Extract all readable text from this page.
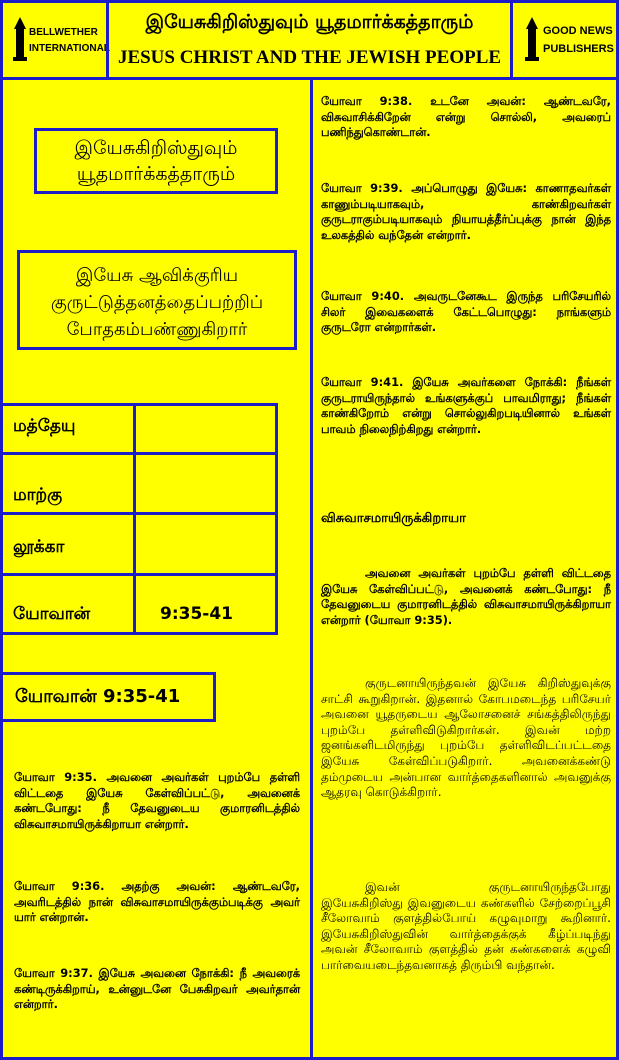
BELLWETHER
INTERNATIONAL
இயேசுகிறிஸ்துவும் யூதமார்க்கத்தாரும்
JESUS CHRIST AND THE JEWISH PEOPLE
GOOD NEWS
PUBLISHERS
இயேசுகிறிஸ்துவும்
யூதமார்க்கத்தாரும்
இயேசு ஆவிக்குரிய
குருட்டுத்தனத்தைப்பற்றிப்
போதகம்பண்ணுகிறார்
மத்தேயு
மாற்கு
லூக்கா
யோவான்	9:35-41
யோவான் 9:35-41
யோவா 9:35. அவனை அவர்கள் புறம்பே தள்ளி விட்டதை இயேசு கேள்விப்பட்டு, அவனைக் கண்டபோது: நீ தேவனுடைய குமாரனிடத்தில் விசுவாசமாயிருக்கிறாயா என்றார்.
யோவா 9:36. அதற்கு அவன்: ஆண்டவரே, அவரிடத்தில் நான் விசுவாசமாயிருக்கும்படிக்கு அவர் யார் என்றான்.
யோவா 9:37. இயேசு அவனை நோக்கி: நீ அவரைக் கண்டிருக்கிறாய், உன்னுடனே பேசுகிறவர் அவர்தான் என்றார்.
யோவா 9:38. உடனே அவன்: ஆண்டவரே, விசுவாசிக்கிறேன் என்று சொல்லி, அவரைப் பணிந்துகொண்டான்.
யோவா 9:39. அப்பொழுது இயேசு: காணாதவர்கள் காணும்படியாகவும், காண்கிறவர்கள் குருடராகும்படியாகவும் நியாயத்தீர்ப்புக்கு நான் இந்த உலகத்தில் வந்தேன் என்றார்.
யோவா 9:40. அவருடனேகூட இருந்த பரிசேயரில் சிலர் இவைகளைக் கேட்டபொழுது: நாங்களும் குருடரோ என்றார்கள்.
யோவா 9:41. இயேசு அவர்களை நோக்கி: நீங்கள் குருடராயிருந்தால் உங்களுக்குப் பாவமிராது; நீங்கள் காண்கிறோம் என்று சொல்லுகிறபடியினால் உங்கள் பாவம் நிலைநிற்கிறது என்றார்.
விசுவாசமாயிருக்கிறாயா
அவனை அவர்கள் புறம்பே தள்ளி விட்டதை இயேசு கேள்விப்பட்டு, அவனைக் கண்டபோது: நீ தேவனுடைய குமாரனிடத்தில் விசுவாசமாயிருக்கிறாயா என்றார் (யோவா 9:35).
குருடனாயிருந்தவன் இயேசு கிறிஸ்துவுக்கு சாட்சி கூறுகிறான். இதனால் கோபமடைந்த பரிசேயர் அவனை யூதருடைய ஆலோசனைச் சங்கத்திலிருந்து புறம்பே தள்ளிவிடுகிறார்கள். இவன் மற்ற ஜனங்களிடமிருந்து புறம்பே தள்ளிவிடப்பட்டதை இயேசு கேள்விப்படுகிறார். அவனைக்கண்டு தம்முடைய அன்பான வார்த்தைகளினால் அவனுக்கு ஆதரவு கொடுக்கிறார்.
இவன் குருடனாயிருந்தபோது இயேசுகிறிஸ்து இவனுடைய கண்களில் சேற்றைப்பூசி சீலோவாம் குளத்தில்போய் கழுவுமாறு கூறினார். இயேசுகிறிஸ்துவின் வார்த்தைக்குக் கீழ்ப்படிந்து அவன் சீலோவாம் குளத்தில் தன் கண்களைக் கழுவி பார்வையடைந்தவனாகத் திரும்பி வந்தான்.
